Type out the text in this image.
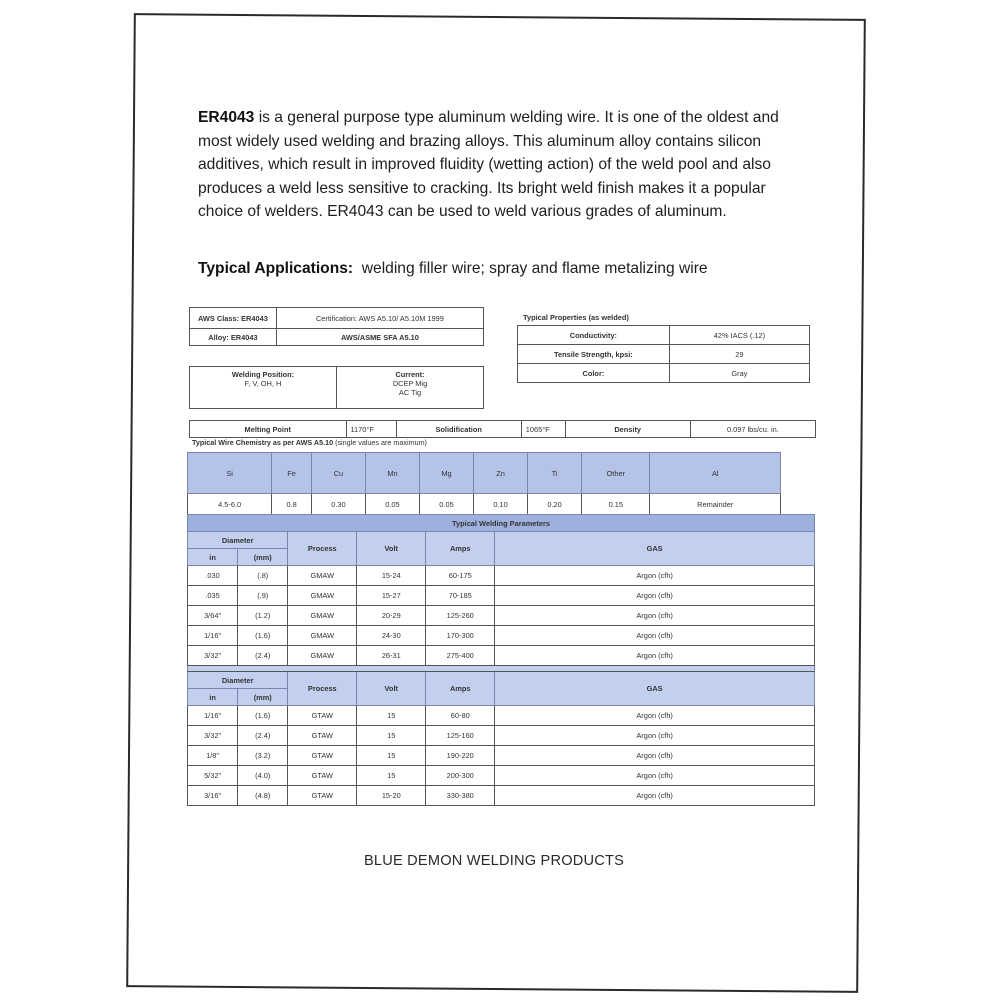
ER4043 is a general purpose type aluminum welding wire. It is one of the oldest and most widely used welding and brazing alloys. This aluminum alloy contains silicon additives, which result in improved fluidity (wetting action) of the weld pool and also produces a weld less sensitive to cracking. Its bright weld finish makes it a popular choice of welders. ER4043 can be used to weld various grades of aluminum.

Typical Applications:  welding filler wire; spray and flame metalizing wire
AWS Class: ER4043	Certification: AWS A5.10/ A5.10M 1999
Alloy: ER4043	AWS/ASME SFA A5.10
Welding Position:
F, V, OH, H

Current:
DCEP Mig
AC Tig
Typical Properties (as welded)
Conductivity:	42% IACS (.12)
Tensile Strength, kpsi:	29
Color:	Gray
Melting Point	1170°F	Solidification	1065°F	Density	0.097 lbs/cu. in.
Typical Wire Chemistry as per AWS A5.10 (single values are maximum)
Si	Fe	Cu	Mn	Mg	Zn	Ti	Other	Al
4.5-6.0	0.8	0.30	0.05	0.05	0.10	0.20	0.15	Remainder
Typical Welding Parameters					
Diameter		Process	Volt	Amps	GAS
in	(mm)				
.030	(.8)	GMAW	15-24	60-175	Argon (cfh)
.035	(.9)	GMAW	15-27	70-185	Argon (cfh)
3/64"	(1.2)	GMAW	20-29	125-260	Argon (cfh)
1/16"	(1.6)	GMAW	24-30	170-300	Argon (cfh)
3/32"	(2.4)	GMAW	26-31	275-400	Argon (cfh)

Diameter		Process	Volt	Amps	GAS
in	(mm)				
1/16"	(1.6)	GTAW	15	60-80	Argon (cfh)
3/32"	(2.4)	GTAW	15	125-160	Argon (cfh)
1/8"	(3.2)	GTAW	15	190-220	Argon (cfh)
5/32"	(4.0)	GTAW	15	200-300	Argon (cfh)
3/16"	(4.8)	GTAW	15-20	330-380	Argon (cfh)
BLUE DEMON WELDING PRODUCTS
